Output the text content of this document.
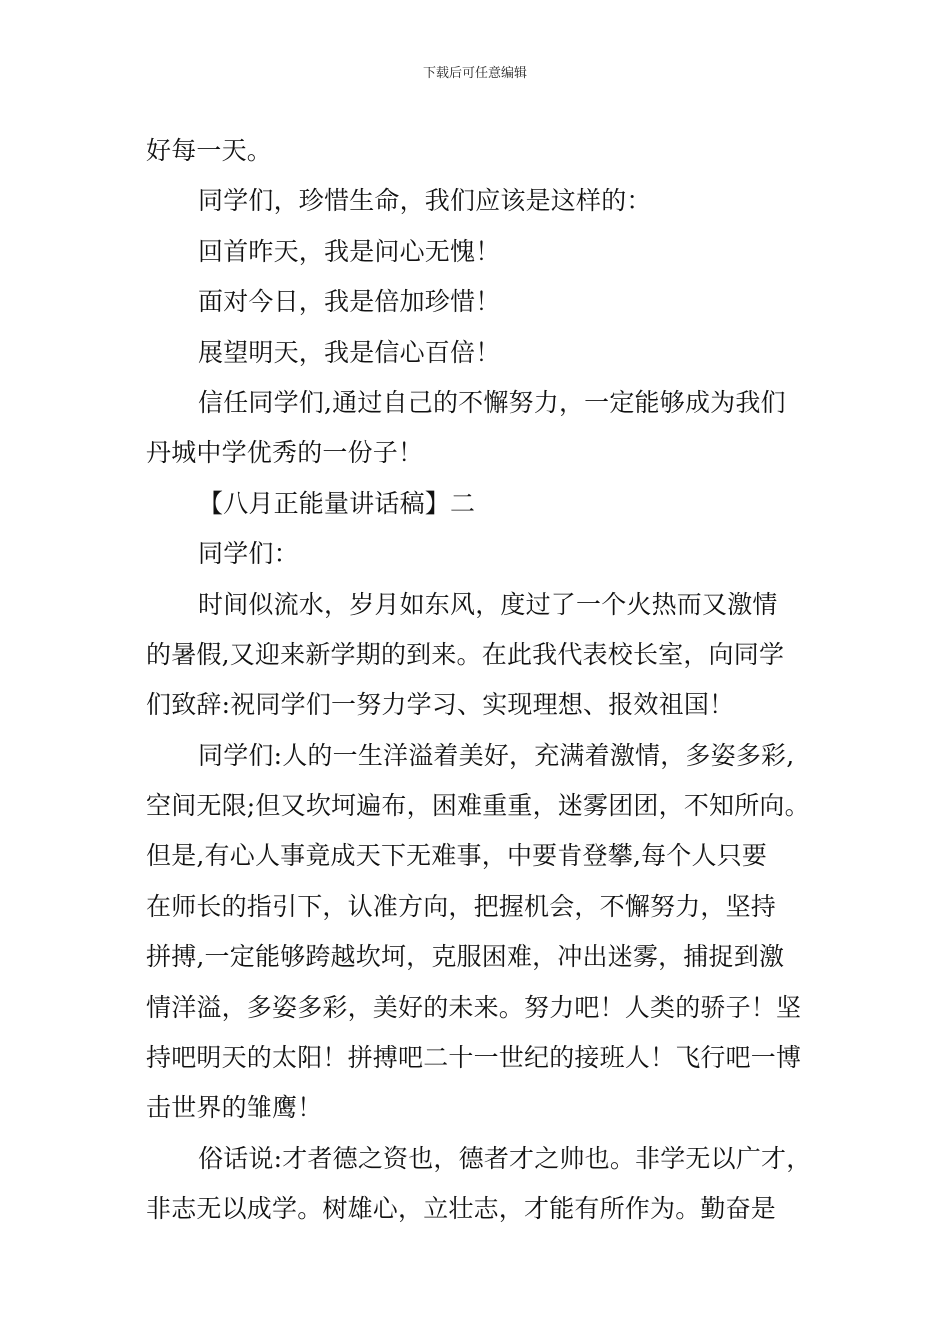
下载后可任意编辑
好每一天。
同学们，珍惜生命，我们应该是这样的：
回首昨天，我是问心无愧！
面对今日，我是倍加珍惜！
展望明天，我是信心百倍！
信任同学们,通过自己的不懈努力，一定能够成为我们
丹城中学优秀的一份子！
【八月正能量讲话稿】二
同学们：
时间似流水，岁月如东风，度过了一个火热而又激情
的暑假,又迎来新学期的到来。在此我代表校长室，向同学
们致辞:祝同学们一努力学习、实现理想、报效祖国！
同学们:人的一生洋溢着美好，充满着激情，多姿多彩,
空间无限;但又坎坷遍布，困难重重，迷雾团团，不知所向。
但是,有心人事竟成天下无难事，中要肯登攀,每个人只要
在师长的指引下，认准方向，把握机会，不懈努力，坚持
拼搏,一定能够跨越坎坷，克服困难，冲出迷雾，捕捉到激
情洋溢，多姿多彩，美好的未来。努力吧！人类的骄子！坚
持吧明天的太阳！拼搏吧二十一世纪的接班人！飞行吧一博
击世界的雏鹰！
俗话说:才者德之资也，德者才之帅也。非学无以广才，
非志无以成学。树雄心，立壮志，才能有所作为。勤奋是
